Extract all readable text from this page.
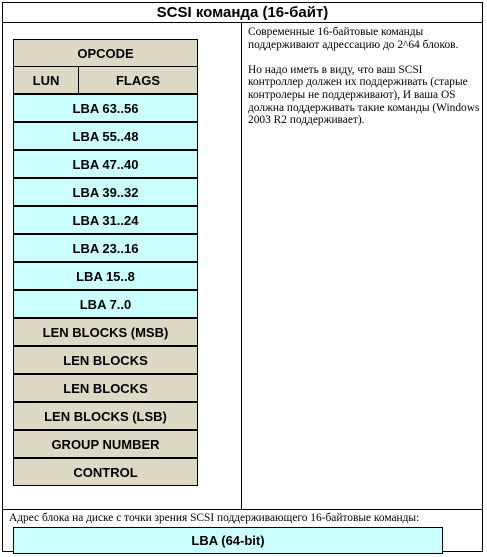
SCSI команда (16-байт)
OPCODE
LUN	FLAGS
LBA 63..56
LBA 55..48
LBA 47..40
LBA 39..32
LBA 31..24
LBA 23..16
LBA 15..8
LBA 7..0
LEN BLOCKS (MSB)
LEN BLOCKS
LEN BLOCKS
LEN BLOCKS (LSB)
GROUP NUMBER
CONTROL

Современные 16-байтовые команды поддерживают адрессацию до 2^64 блоков.

Но надо иметь в виду, что ваш SCSI контроллер должен их поддерживать (старые контролеры не поддерживают), И ваша OS должна поддерживать такие команды (Windows 2003 R2 поддерживает).

Адрес блока на диске с точки зрения SCSI поддерживающего 16-байтовые команды:
LBA (64-bit)
